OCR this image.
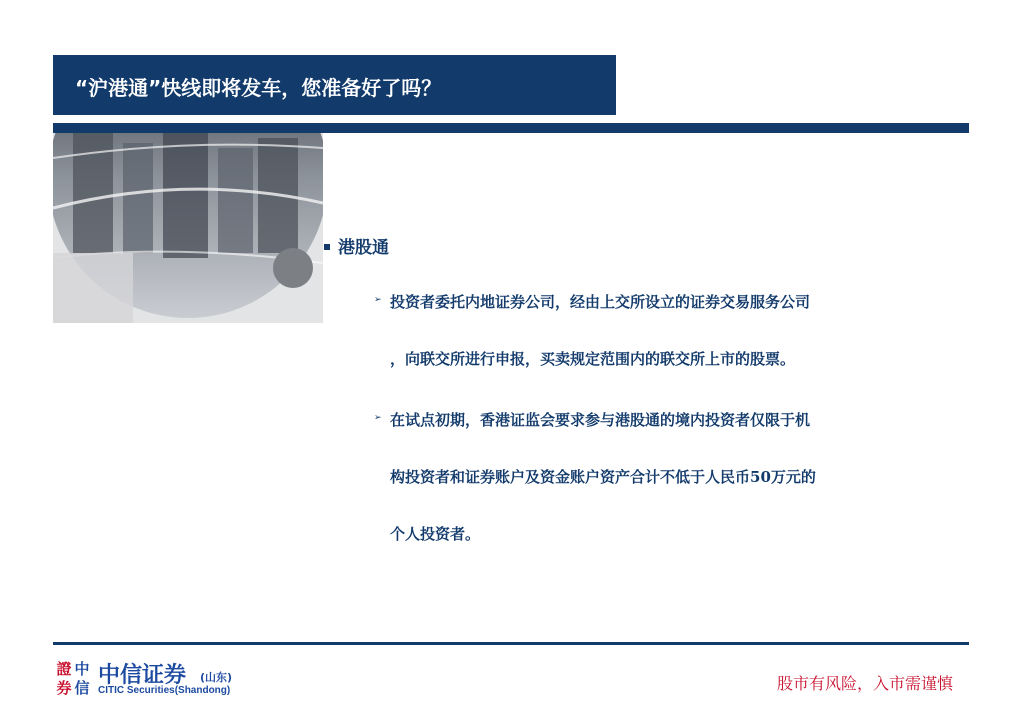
“沪港通”快线即将发车，您准备好了吗？
港股通
➢ 投资者委托内地证券公司，经由上交所设立的证券交易服务公司
，向联交所进行申报，买卖规定范围内的联交所上市的股票。
➢ 在试点初期，香港证监会要求参与港股通的境内投资者仅限于机
构投资者和证券账户及资金账户资产合计不低于人民币50万元的
个人投资者。
證 中
券 信 中信证券 (山东)
CITIC Securities(Shandong)	股市有风险，入市需谨慎
